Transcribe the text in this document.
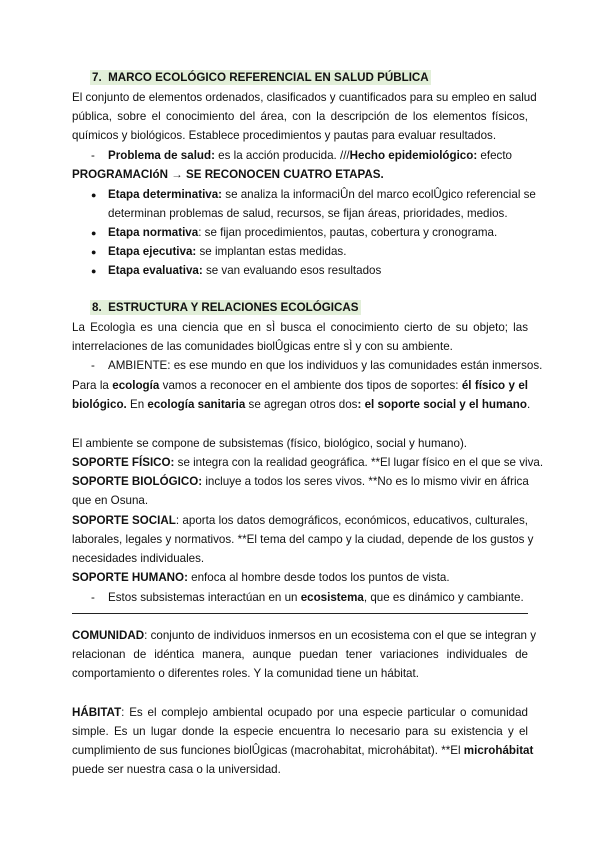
7. MARCO ECOLÓGICO REFERENCIAL EN SALUD PÚBLICA
El conjunto de elementos ordenados, clasificados y cuantificados para su empleo en salud
pública, sobre el conocimiento del área, con la descripción de los elementos físicos,
químicos y biológicos. Establece procedimientos y pautas para evaluar resultados.
- Problema de salud: es la acción producida. ///Hecho epidemiológico: efecto
PROGRAMACIóN → SE RECONOCEN CUATRO ETAPAS.
● Etapa determinativa: se analiza la informaciÛn del marco ecolÛgico referencial se
determinan problemas de salud, recursos, se fijan áreas, prioridades, medios.
● Etapa normativa: se fijan procedimientos, pautas, cobertura y cronograma.
● Etapa ejecutiva: se implantan estas medidas.
● Etapa evaluativa: se van evaluando esos resultados
8. ESTRUCTURA Y RELACIONES ECOLÓGICAS
La Ecologìa es una ciencia que en sÌ busca el conocimiento cierto de su objeto; las
interrelaciones de las comunidades biolÛgicas entre sÌ y con su ambiente.
- AMBIENTE: es ese mundo en que los individuos y las comunidades están inmersos.
Para la ecología vamos a reconocer en el ambiente dos tipos de soportes: él físico y el
biológico. En ecología sanitaria se agregan otros dos: el soporte social y el humano.
El ambiente se compone de subsistemas (físico, biológico, social y humano).
SOPORTE FÍSICO: se integra con la realidad geográfica. **El lugar físico en el que se viva.
SOPORTE BIOLÓGICO: incluye a todos los seres vivos. **No es lo mismo vivir en áfrica
que en Osuna.
SOPORTE SOCIAL: aporta los datos demográficos, económicos, educativos, culturales,
laborales, legales y normativos. **El tema del campo y la ciudad, depende de los gustos y
necesidades individuales.
SOPORTE HUMANO: enfoca al hombre desde todos los puntos de vista.
- Estos subsistemas interactúan en un ecosistema, que es dinámico y cambiante.
COMUNIDAD: conjunto de individuos inmersos en un ecosistema con el que se integran y
relacionan de idéntica manera, aunque puedan tener variaciones individuales de
comportamiento o diferentes roles. Y la comunidad tiene un hábitat.
HÁBITAT: Es el complejo ambiental ocupado por una especie particular o comunidad
simple. Es un lugar donde la especie encuentra lo necesario para su existencia y el
cumplimiento de sus funciones biolÛgicas (macrohabitat, microhábitat). **El microhábitat
puede ser nuestra casa o la universidad.
